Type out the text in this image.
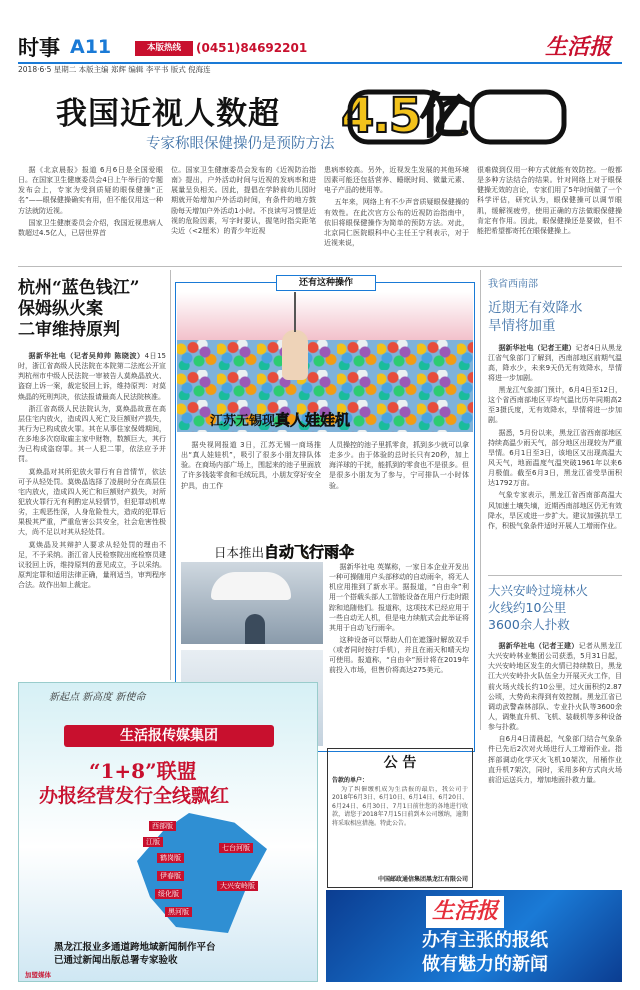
时事 A11	本版热线	(0451)84692201	生活报
2018·6·5 星期二 本版主编 郑辉 编辑 李平书 版式 倪海连
我国近视人数超 4.5亿
专家称眼保健操仍是预防方法

据《北京晨报》报道 6月6日是全国爱眼日。在国家卫生健康委员会4日上午举行的专题发布会上，专家为受到质疑的眼保健操“正名”——眼保健操确实有用，但不能仅用这一种方法就防近视。

国家卫生健康委员会介绍，我国近视患病人数超过4.5亿人，已居世界首

位。国家卫生健康委员会发布的《近视防治指南》提出，户外活动时间与近视的发病率和进展量呈负相关。因此，提倡在学龄前幼儿园时期就开始增加户外活动时间，有条件的地方鼓励每天增加户外活动1小时。不良读写习惯是近视的危险因素，写字时要认，握笔时指尖距笔尖近（<2厘米）的青少年近视

患病率较高。另外，近视发生发展的其他环境因素可能还包括营养、睡眠时间、微量元素、电子产品的使用等。

五年来，网络上有不少声音质疑眼保健操的有效性。在此次官方公布的近视防治指南中，依旧将眼保健操作为简单的预防方法。对此，北京同仁医院眼科中心主任王宁利表示，对于近视来说，

很难做到仅用一种方式就能有效防控。一般都是多种方法结合的结果。针对网络上对于眼保健操无效的言论，专家们用了5年时间做了一个科学评估，研究认为，眼保健操可以调节眼肌，缓解视疲劳，使用正确的方法做眼保健操肯定有作用。因此，眼保健操还是要做，但不能把希望都寄托在眼保健操上。

杭州“蓝色钱江”
保姆纵火案
二审维持原判

据新华社电（记者吴帅帅 陈晓波）4日15时，浙江省高级人民法院在本院第二法庭公开宣判杭州市中级人民法院一审被告人莫焕晶放火、盗窃上诉一案，裁定驳回上诉，维持原判：对莫焕晶的死刑判决，依法报请最高人民法院核准。

浙江省高级人民法院认为，莫焕晶故意在高层住宅内放火，造成四人死亡及巨额财产损失，其行为已构成放火罪。其在从事住家保姆期间，在多地多次窃取雇主家中财物，数额巨大，其行为已构成盗窃罪。其一人犯二罪，依法应予并罚。

莫焕晶对其所犯放火罪行有自首情节，依法可予从轻处罚。莫焕晶选择了凌晨时分在高层住宅内放火，造成四人死亡和巨额财产损失，对所犯放火罪行无有利酌定从轻情节，但犯罪动机卑劣，主观恶性深，人身危险性大，造成的犯罪后果极其严重，严重危害公共安全，社会危害性极大，尚不足以对其从轻处罚。

莫焕晶及其辩护人要求从轻处罚的理由不足，不予采纳。浙江省人民检察院出庭检察员建议驳回上诉，维持原判的意见成立，予以采纳。原判定罪和适用法律正确，量刑适当，审判程序合法。故作出如上裁定。

还有这种操作
江苏无锡现真人娃娃机
据央视网报道 3日，江苏无锡一商场推出“真人娃娃机”，吸引了很多小朋友排队体验。在商场内部广场上，围起来的池子里面放了许多钱装零食和毛绒玩具，小朋友穿好安全护具，由工作
人员操控的池子里抓零食，抓到多少就可以拿走多少。由于体验的总时长只有20秒，加上海洋球的干扰，能抓到的零食也不是很多。但是很多小朋友为了参与，宁可排队一小时体验。
日本推出自动飞行雨伞

据新华社电 英媒称，一家日本企业开发出一种可操随用户头部移动的自动雨伞，将无人机应用推到了新水平。据报道，“自由伞”利用一个搭载头部人工智能设备在用户行走时跟踪和追随他们。报道称，这项技术已经应用于一些自动无人机，但是电力续航式会此举证将其用于自动飞行雨伞。

这种设备可以帮助人们在遮篷时解放双手（或者同时按打手机），并且在雨天和晴天均可使用。报道称，“自由伞”预计将在2019年前投入市场，但售价将高达275美元。

新起点 新高度 新使命
生活报传媒集团
“1+8”联盟
办报经营发行全线飘红
西部版
江版
鹤岗版
七台河版
伊春版
大兴安岭版
绥化版
黑河版
黑龙江报业多通道跨地域新闻制作平台
已通过新闻出版总署专家验收
加盟媒体
公 告
告款的单户：
为了纠催缴机成为生活报的最后，我公司于2018年6月3日、6月10日、6月14日、6月20日、6月24日、6月30日、7月1日前往您的各地进行收款，请您于2018年7月15日前到本公司缴纳，逾期将采取相应措施。特此公告。
中国邮政通信集团黑龙江有限公司
我省西南部
近期无有效降水
旱情将加重

据新华社电（记者王建）记者4日从黑龙江省气象部门了解到，西南部地区前期气温高，降水少，未来9天仍无有效降水，旱情将进一步加剧。

黑龙江气象部门预计，6月4日至12日，这个省西南部地区平均气温比历年同期高2至3摄氏度，无有效降水，旱情将进一步加剧。

据悉，5月份以来，黑龙江省西南部地区持续高温少雨天气，部分地区出现较为严重旱情。6月1日至3日，该地区又出现高温大风天气，地面温度气温突破1961年以来6月极值。截至6月3日，黑龙江省受旱面积达1792万亩。

气象专家表示，黑龙江省西南部高温大风加速土壤失墒，近期西南部地区仍无有效降水，旱区或进一步扩大。建议加强抗旱工作，积极气象条件适时开展人工增雨作业。

大兴安岭过境林火
火线约10公里
3600余人扑救

据新华社电（记者王建）记者从黑龙江大兴安岭林业集团公司获悉，5月31日起，大兴安岭地区发生的火情已持续数日，黑龙江大兴安岭扑火队伍全力开展灭火工作，目前火场火线长约10公里，过火面积约2.87公顷，大势尚未得到有效控制。黑龙江省已调动武警森林部队、专业扑火队等3600余人，调集直升机、飞机、装载机等多种设备参与扑救。

自6月4日清晨起，气象部门结合气象条件已先后2次对火场进行人工增雨作业。指挥部调动化学灭火飞机10架次，吊桶作业直升机7架次，同时，采用多种方式向火场前沿运送兵力，增加地面扑救力量。

生活报
办有主张的报纸
做有魅力的新闻
